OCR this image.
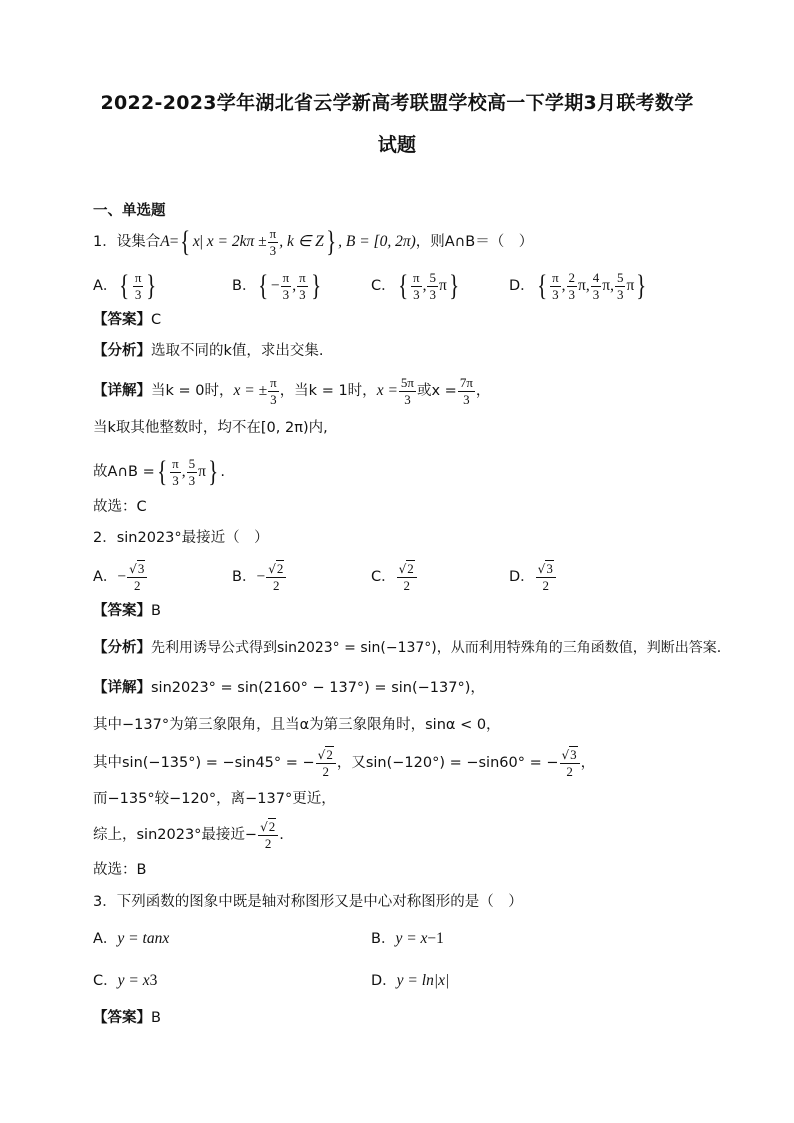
2022-2023学年湖北省云学新高考联盟学校高一下学期3月联考数学
试题
一、单选题
1．设集合 A= { x |
$x = 2k\pi \pm \frac{\pi}{3}$ , k ∈ Z } , B = [0, 2π) ，则A∩B＝（　）
A． { $\frac{\pi}{3}$ }	B． { − $\frac{\pi}{3}$ , $\frac{\pi}{3}$ }	C． { $\frac{\pi}{3}$ , $\frac{5}{3}$ π }	D． { $\frac{\pi}{3}$ , $\frac{2}{3}$ π , $\frac{4}{3}$ π , $\frac{5}{3}$ π }
【答案】 C
【分析】 选取不同的k值，求出交集.
【详解】 当k = 0时， x = ± $\frac{\pi}{3}$ ，当k = 1时， $x = \frac{5\pi}{3}$ 或$x = \frac{7\pi}{3}$ ，
当k取其他整数时，均不在[0, 2π)内,
故A∩B = { $\frac{\pi}{3}$ , $\frac{5}{3}$ π } .
故选：C
2．sin2023°最接近（　）
A． − $\frac{√3}{2}$	B． − $\frac{√2}{2}$	C． $\frac{√2}{2}$	D． $\frac{√3}{2}$
【答案】 B
【分析】 先利用诱导公式得到sin2023° = sin(−137°)，从而利用特殊角的三角函数值，判断出答案.
【详解】 sin2023° = sin(2160° − 137°) = sin(−137°)，
其中−137°为第三象限角，且当α为第三象限角时，sinα < 0，
其中sin(−135°) = −sin45° = − $\frac{√2}{2}$ ，又sin(−120°) = −sin60° = − $\frac{√3}{2}$ ，
而−135°较−120°，离−137°更近，
综上，sin2023°最接近− $\frac{√2}{2}$ .
故选：B
3．下列函数的图象中既是轴对称图形又是中心对称图形的是（　）
A． y = tanx	B． y = x −1
C． y = x 3	D． y = ln|x|
【答案】 B
